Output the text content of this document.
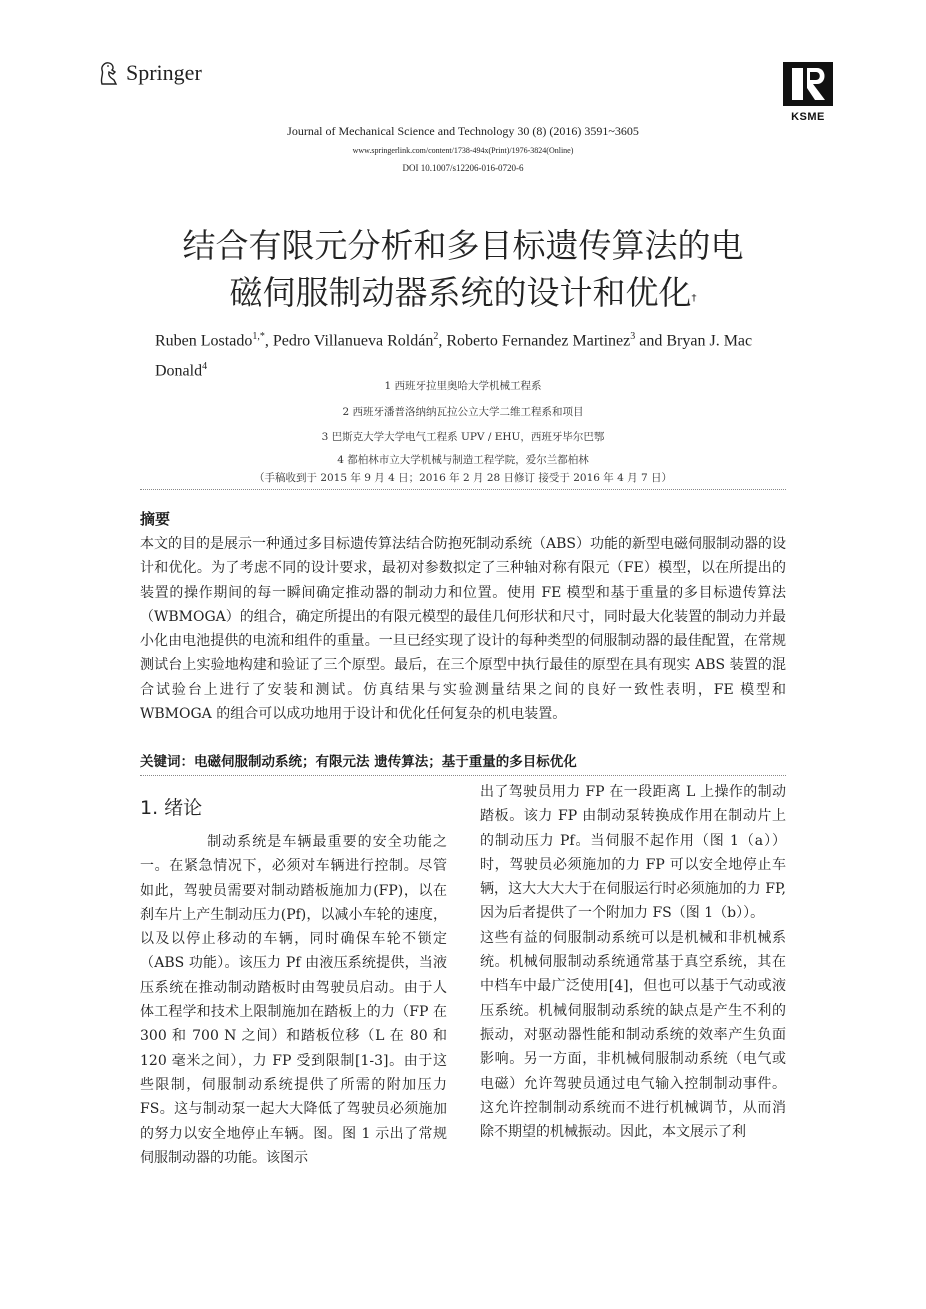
Springer
KSME
Journal of Mechanical Science and Technology 30 (8) (2016) 3591~3605
www.springerlink.com/content/1738-494x(Print)/1976-3824(Online)
DOI 10.1007/s12206-016-0720-6
结合有限元分析和多目标遗传算法的电
磁伺服制动器系统的设计和优化†
Ruben Lostado$^{1,*}$, Pedro Villanueva Roldán$^2$, Roberto Fernandez Martinez$^3$ and Bryan J. Mac Donald$^4$
1 西班牙拉里奥哈大学机械工程系
2 西班牙潘普洛纳纳瓦拉公立大学二维工程系和项目
3 巴斯克大学大学电气工程系 UPV / EHU，西班牙毕尔巴鄂
4 都柏林市立大学机械与制造工程学院，爱尔兰都柏林
（手稿收到于 2015 年 9 月 4 日；2016 年 2 月 28 日修订 接受于 2016 年 4 月 7 日）
摘要
本文的目的是展示一种通过多目标遗传算法结合防抱死制动系统（ABS）功能的新型电磁伺服制动器的设计和优化。为了考虑不同的设计要求，最初对参数拟定了三种轴对称有限元（FE）模型，以在所提出的装置的操作期间的每一瞬间确定推动器的制动力和位置。使用 FE 模型和基于重量的多目标遗传算法（WBMOGA）的组合，确定所提出的有限元模型的最佳几何形状和尺寸，同时最大化装置的制动力并最小化由电池提供的电流和组件的重量。一旦已经实现了设计的每种类型的伺服制动器的最佳配置，在常规测试台上实验地构建和验证了三个原型。最后，在三个原型中执行最佳的原型在具有现实 ABS 装置的混合试验台上进行了安装和测试。仿真结果与实验测量结果之间的良好一致性表明，FE 模型和 WBMOGA 的组合可以成功地用于设计和优化任何复杂的机电装置。
关键词：电磁伺服制动系统；有限元法 遗传算法；基于重量的多目标优化
1. 绪论
制动系统是车辆最重要的安全功能之一。在紧急情况下，必须对车辆进行控制。尽管如此，驾驶员需要对制动踏板施加力(FP)，以在刹车片上产生制动压力(Pf)，以减小车轮的速度，以及以停止移动的车辆，同时确保车轮不锁定（ABS 功能）。该压力 Pf 由液压系统提供，当液压系统在推动制动踏板时由驾驶员启动。由于人体工程学和技术上限制施加在踏板上的力（FP 在 300 和 700 N 之间）和踏板位移（L 在 80 和 120 毫米之间），力 FP 受到限制[1-3]。由于这些限制，伺服制动系统提供了所需的附加压力 FS。这与制动泵一起大大降低了驾驶员必须施加的努力以安全地停止车辆。图。图 1 示出了常规伺服制动器的功能。该图示

出了驾驶员用力 FP 在一段距离 L 上操作的制动踏板。该力 FP 由制动泵转换成作用在制动片上的制动压力 Pf。当伺服不起作用（图 1（a））时，驾驶员必须施加的力 FP 可以安全地停止车辆，这大大大大于在伺服运行时必须施加的力 FP,因为后者提供了一个附加力 FS（图 1（b））。

这些有益的伺服制动系统可以是机械和非机械系统。机械伺服制动系统通常基于真空系统，其在中档车中最广泛使用[4]，但也可以基于气动或液压系统。机械伺服制动系统的缺点是产生不利的振动，对驱动器性能和制动系统的效率产生负面影响。另一方面，非机械伺服制动系统（电气或电磁）允许驾驶员通过电气输入控制制动事件。这允许控制制动系统而不进行机械调节，从而消除不期望的机械振动。因此，本文展示了利
